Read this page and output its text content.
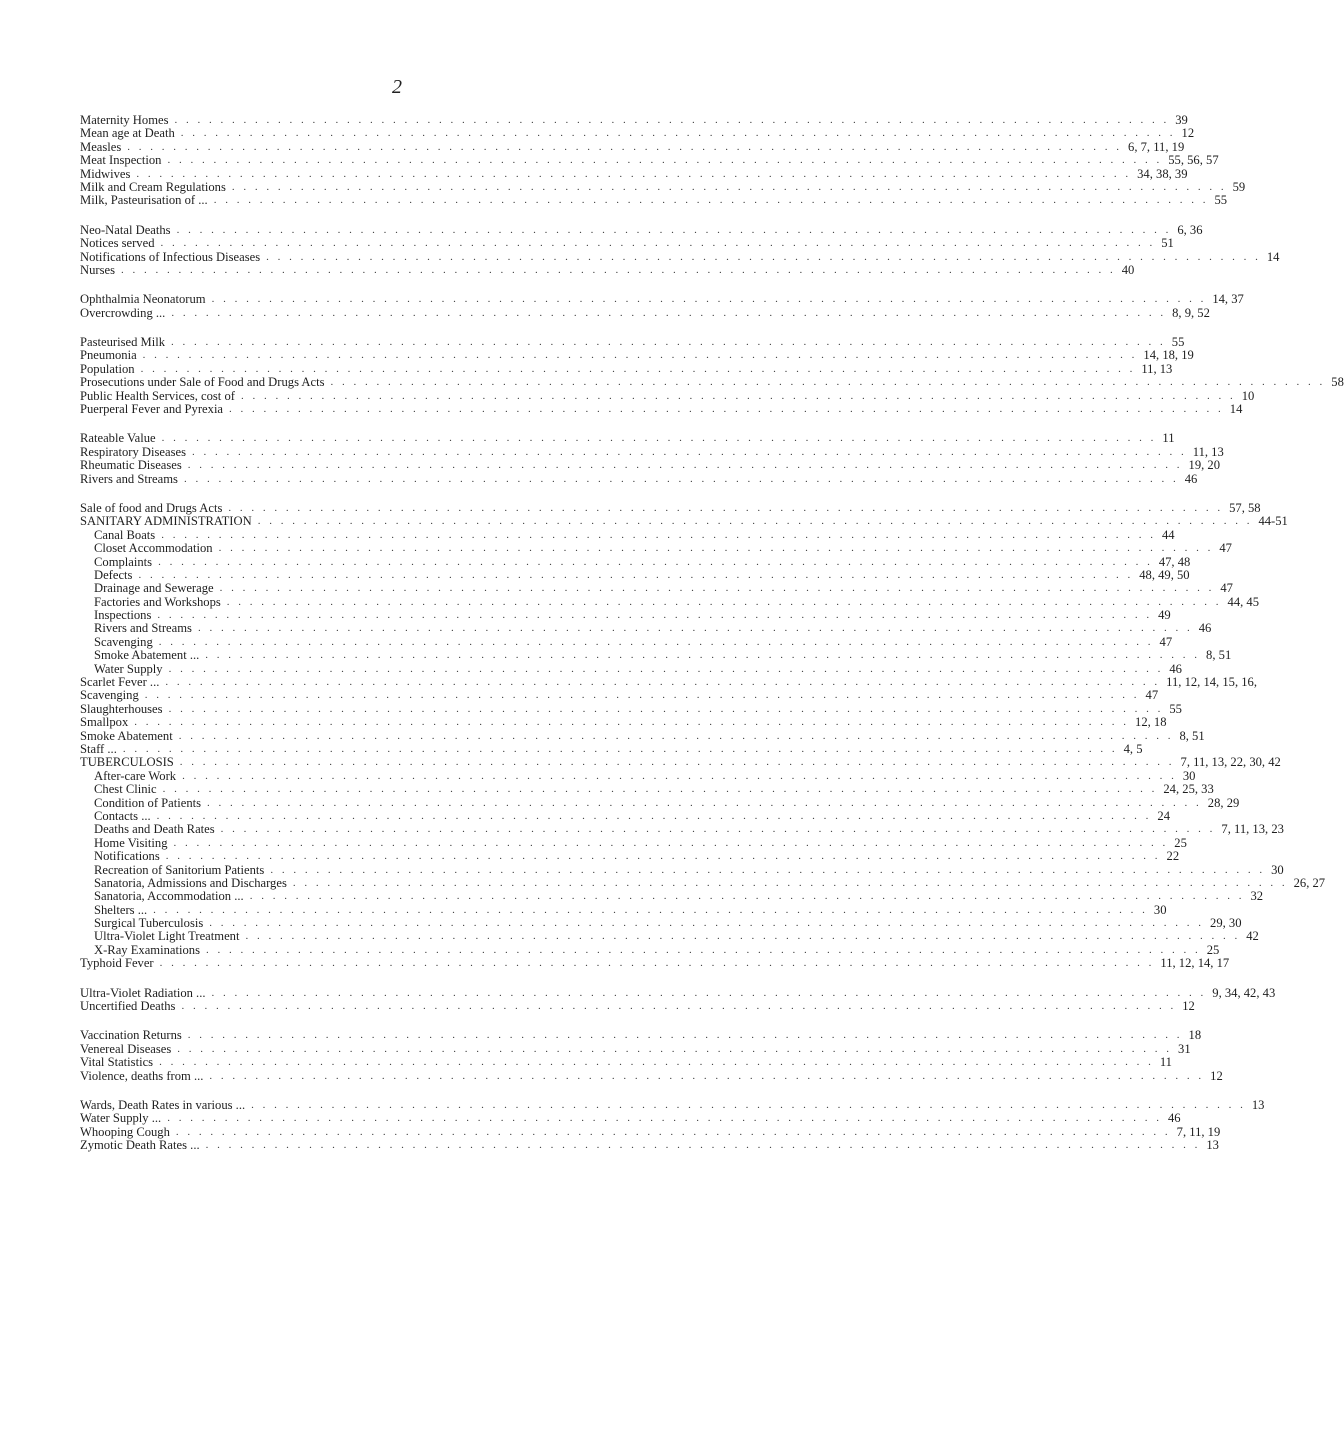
2
Maternity Homes . . . . . . . . . . . . . . . . . . . . . . . . . . . . . . . . . . . . . . . . . . . . . . . . . . . . . . . . . . . . . . . . . . . . . . . . . . . . . . . . . . . . . . . 39
Mean age at Death . . . . . . . . . . . . . . . . . . . . . . . . . . . . . . . . . . . . . . . . . . . . . . . . . . . . . . . . . . . . . . . . . . . . . . . . . . . . . . . . . . . . . . . 12
Measles . . . . . . . . . . . . . . . . . . . . . . . . . . . . . . . . . . . . . . . . . . . . . . . . . . . . . . . . . . . . . . . . . . . . . . . . . . . . . . . . . . . . . . . 6, 7, 11, 19
Meat Inspection . . . . . . . . . . . . . . . . . . . . . . . . . . . . . . . . . . . . . . . . . . . . . . . . . . . . . . . . . . . . . . . . . . . . . . . . . . . . . . . . . . . . . . . 55, 56, 57
Midwives . . . . . . . . . . . . . . . . . . . . . . . . . . . . . . . . . . . . . . . . . . . . . . . . . . . . . . . . . . . . . . . . . . . . . . . . . . . . . . . . . . . . . . . 34, 38, 39
Milk and Cream Regulations . . . . . . . . . . . . . . . . . . . . . . . . . . . . . . . . . . . . . . . . . . . . . . . . . . . . . . . . . . . . . . . . . . . . . . . . . . . . . . . . . . . . . . . 59
Milk, Pasteurisation of ... . . . . . . . . . . . . . . . . . . . . . . . . . . . . . . . . . . . . . . . . . . . . . . . . . . . . . . . . . . . . . . . . . . . . . . . . . . . . . . . . . . . . . . . 55
Neo-Natal Deaths . . . . . . . . . . . . . . . . . . . . . . . . . . . . . . . . . . . . . . . . . . . . . . . . . . . . . . . . . . . . . . . . . . . . . . . . . . . . . . . . . . . . . . . 6, 36
Notices served . . . . . . . . . . . . . . . . . . . . . . . . . . . . . . . . . . . . . . . . . . . . . . . . . . . . . . . . . . . . . . . . . . . . . . . . . . . . . . . . . . . . . . . 51
Notifications of Infectious Diseases . . . . . . . . . . . . . . . . . . . . . . . . . . . . . . . . . . . . . . . . . . . . . . . . . . . . . . . . . . . . . . . . . . . . . . . . . . . . . . . . . . . . . . . 14
Nurses . . . . . . . . . . . . . . . . . . . . . . . . . . . . . . . . . . . . . . . . . . . . . . . . . . . . . . . . . . . . . . . . . . . . . . . . . . . . . . . . . . . . . . . 40
Ophthalmia Neonatorum . . . . . . . . . . . . . . . . . . . . . . . . . . . . . . . . . . . . . . . . . . . . . . . . . . . . . . . . . . . . . . . . . . . . . . . . . . . . . . . . . . . . . . . 14, 37
Overcrowding ... . . . . . . . . . . . . . . . . . . . . . . . . . . . . . . . . . . . . . . . . . . . . . . . . . . . . . . . . . . . . . . . . . . . . . . . . . . . . . . . . . . . . . . . 8, 9, 52
Pasteurised Milk . . . . . . . . . . . . . . . . . . . . . . . . . . . . . . . . . . . . . . . . . . . . . . . . . . . . . . . . . . . . . . . . . . . . . . . . . . . . . . . . . . . . . . . 55
Pneumonia . . . . . . . . . . . . . . . . . . . . . . . . . . . . . . . . . . . . . . . . . . . . . . . . . . . . . . . . . . . . . . . . . . . . . . . . . . . . . . . . . . . . . . . 14, 18, 19
Population . . . . . . . . . . . . . . . . . . . . . . . . . . . . . . . . . . . . . . . . . . . . . . . . . . . . . . . . . . . . . . . . . . . . . . . . . . . . . . . . . . . . . . . 11, 13
Prosecutions under Sale of Food and Drugs Acts . . . . . . . . . . . . . . . . . . . . . . . . . . . . . . . . . . . . . . . . . . . . . . . . . . . . . . . . . . . . . . . . . . . . . . . . . . . . . . . . . . . . . . . 58
Public Health Services, cost of . . . . . . . . . . . . . . . . . . . . . . . . . . . . . . . . . . . . . . . . . . . . . . . . . . . . . . . . . . . . . . . . . . . . . . . . . . . . . . . . . . . . . . . 10
Puerperal Fever and Pyrexia . . . . . . . . . . . . . . . . . . . . . . . . . . . . . . . . . . . . . . . . . . . . . . . . . . . . . . . . . . . . . . . . . . . . . . . . . . . . . . . . . . . . . . . 14
Rateable Value . . . . . . . . . . . . . . . . . . . . . . . . . . . . . . . . . . . . . . . . . . . . . . . . . . . . . . . . . . . . . . . . . . . . . . . . . . . . . . . . . . . . . . . 11
Respiratory Diseases . . . . . . . . . . . . . . . . . . . . . . . . . . . . . . . . . . . . . . . . . . . . . . . . . . . . . . . . . . . . . . . . . . . . . . . . . . . . . . . . . . . . . . . 11, 13
Rheumatic Diseases . . . . . . . . . . . . . . . . . . . . . . . . . . . . . . . . . . . . . . . . . . . . . . . . . . . . . . . . . . . . . . . . . . . . . . . . . . . . . . . . . . . . . . . 19, 20
Rivers and Streams . . . . . . . . . . . . . . . . . . . . . . . . . . . . . . . . . . . . . . . . . . . . . . . . . . . . . . . . . . . . . . . . . . . . . . . . . . . . . . . . . . . . . . . 46
Sale of food and Drugs Acts . . . . . . . . . . . . . . . . . . . . . . . . . . . . . . . . . . . . . . . . . . . . . . . . . . . . . . . . . . . . . . . . . . . . . . . . . . . . . . . . . . . . . . . 57, 58
SANITARY ADMINISTRATION . . . . . . . . . . . . . . . . . . . . . . . . . . . . . . . . . . . . . . . . . . . . . . . . . . . . . . . . . . . . . . . . . . . . . . . . . . . . . . . . . . . . . . . 44-51
Canal Boats . . . . . . . . . . . . . . . . . . . . . . . . . . . . . . . . . . . . . . . . . . . . . . . . . . . . . . . . . . . . . . . . . . . . . . . . . . . . . . . . . . . . . . . 44
Closet Accommodation . . . . . . . . . . . . . . . . . . . . . . . . . . . . . . . . . . . . . . . . . . . . . . . . . . . . . . . . . . . . . . . . . . . . . . . . . . . . . . . . . . . . . . . 47
Complaints . . . . . . . . . . . . . . . . . . . . . . . . . . . . . . . . . . . . . . . . . . . . . . . . . . . . . . . . . . . . . . . . . . . . . . . . . . . . . . . . . . . . . . . 47, 48
Defects . . . . . . . . . . . . . . . . . . . . . . . . . . . . . . . . . . . . . . . . . . . . . . . . . . . . . . . . . . . . . . . . . . . . . . . . . . . . . . . . . . . . . . . 48, 49, 50
Drainage and Sewerage . . . . . . . . . . . . . . . . . . . . . . . . . . . . . . . . . . . . . . . . . . . . . . . . . . . . . . . . . . . . . . . . . . . . . . . . . . . . . . . . . . . . . . . 47
Factories and Workshops . . . . . . . . . . . . . . . . . . . . . . . . . . . . . . . . . . . . . . . . . . . . . . . . . . . . . . . . . . . . . . . . . . . . . . . . . . . . . . . . . . . . . . . 44, 45
Inspections . . . . . . . . . . . . . . . . . . . . . . . . . . . . . . . . . . . . . . . . . . . . . . . . . . . . . . . . . . . . . . . . . . . . . . . . . . . . . . . . . . . . . . . 49
Rivers and Streams . . . . . . . . . . . . . . . . . . . . . . . . . . . . . . . . . . . . . . . . . . . . . . . . . . . . . . . . . . . . . . . . . . . . . . . . . . . . . . . . . . . . . . . 46
Scavenging . . . . . . . . . . . . . . . . . . . . . . . . . . . . . . . . . . . . . . . . . . . . . . . . . . . . . . . . . . . . . . . . . . . . . . . . . . . . . . . . . . . . . . . 47
Smoke Abatement ... . . . . . . . . . . . . . . . . . . . . . . . . . . . . . . . . . . . . . . . . . . . . . . . . . . . . . . . . . . . . . . . . . . . . . . . . . . . . . . . . . . . . . . . 8, 51
Water Supply . . . . . . . . . . . . . . . . . . . . . . . . . . . . . . . . . . . . . . . . . . . . . . . . . . . . . . . . . . . . . . . . . . . . . . . . . . . . . . . . . . . . . . . 46
Scarlet Fever ... . . . . . . . . . . . . . . . . . . . . . . . . . . . . . . . . . . . . . . . . . . . . . . . . . . . . . . . . . . . . . . . . . . . . . . . . . . . . . . . . . . . . . . . 11, 12, 14, 15, 16,
Scavenging . . . . . . . . . . . . . . . . . . . . . . . . . . . . . . . . . . . . . . . . . . . . . . . . . . . . . . . . . . . . . . . . . . . . . . . . . . . . . . . . . . . . . . . 47
Slaughterhouses . . . . . . . . . . . . . . . . . . . . . . . . . . . . . . . . . . . . . . . . . . . . . . . . . . . . . . . . . . . . . . . . . . . . . . . . . . . . . . . . . . . . . . . 55
Smallpox . . . . . . . . . . . . . . . . . . . . . . . . . . . . . . . . . . . . . . . . . . . . . . . . . . . . . . . . . . . . . . . . . . . . . . . . . . . . . . . . . . . . . . . 12, 18
Smoke Abatement . . . . . . . . . . . . . . . . . . . . . . . . . . . . . . . . . . . . . . . . . . . . . . . . . . . . . . . . . . . . . . . . . . . . . . . . . . . . . . . . . . . . . . . 8, 51
Staff ... . . . . . . . . . . . . . . . . . . . . . . . . . . . . . . . . . . . . . . . . . . . . . . . . . . . . . . . . . . . . . . . . . . . . . . . . . . . . . . . . . . . . . . . 4, 5
TUBERCULOSIS . . . . . . . . . . . . . . . . . . . . . . . . . . . . . . . . . . . . . . . . . . . . . . . . . . . . . . . . . . . . . . . . . . . . . . . . . . . . . . . . . . . . . . . 7, 11, 13, 22, 30, 42
After-care Work . . . . . . . . . . . . . . . . . . . . . . . . . . . . . . . . . . . . . . . . . . . . . . . . . . . . . . . . . . . . . . . . . . . . . . . . . . . . . . . . . . . . . . . 30
Chest Clinic . . . . . . . . . . . . . . . . . . . . . . . . . . . . . . . . . . . . . . . . . . . . . . . . . . . . . . . . . . . . . . . . . . . . . . . . . . . . . . . . . . . . . . . 24, 25, 33
Condition of Patients . . . . . . . . . . . . . . . . . . . . . . . . . . . . . . . . . . . . . . . . . . . . . . . . . . . . . . . . . . . . . . . . . . . . . . . . . . . . . . . . . . . . . . . 28, 29
Contacts ... . . . . . . . . . . . . . . . . . . . . . . . . . . . . . . . . . . . . . . . . . . . . . . . . . . . . . . . . . . . . . . . . . . . . . . . . . . . . . . . . . . . . . . . 24
Deaths and Death Rates . . . . . . . . . . . . . . . . . . . . . . . . . . . . . . . . . . . . . . . . . . . . . . . . . . . . . . . . . . . . . . . . . . . . . . . . . . . . . . . . . . . . . . . 7, 11, 13, 23
Home Visiting . . . . . . . . . . . . . . . . . . . . . . . . . . . . . . . . . . . . . . . . . . . . . . . . . . . . . . . . . . . . . . . . . . . . . . . . . . . . . . . . . . . . . . . 25
Notifications . . . . . . . . . . . . . . . . . . . . . . . . . . . . . . . . . . . . . . . . . . . . . . . . . . . . . . . . . . . . . . . . . . . . . . . . . . . . . . . . . . . . . . . 22
Recreation of Sanitorium Patients . . . . . . . . . . . . . . . . . . . . . . . . . . . . . . . . . . . . . . . . . . . . . . . . . . . . . . . . . . . . . . . . . . . . . . . . . . . . . . . . . . . . . . . 30
Sanatoria, Admissions and Discharges . . . . . . . . . . . . . . . . . . . . . . . . . . . . . . . . . . . . . . . . . . . . . . . . . . . . . . . . . . . . . . . . . . . . . . . . . . . . . . . . . . . . . . . 26, 27
Sanatoria, Accommodation ... . . . . . . . . . . . . . . . . . . . . . . . . . . . . . . . . . . . . . . . . . . . . . . . . . . . . . . . . . . . . . . . . . . . . . . . . . . . . . . . . . . . . . . . 32
Shelters ... . . . . . . . . . . . . . . . . . . . . . . . . . . . . . . . . . . . . . . . . . . . . . . . . . . . . . . . . . . . . . . . . . . . . . . . . . . . . . . . . . . . . . . . 30
Surgical Tuberculosis . . . . . . . . . . . . . . . . . . . . . . . . . . . . . . . . . . . . . . . . . . . . . . . . . . . . . . . . . . . . . . . . . . . . . . . . . . . . . . . . . . . . . . . 29, 30
Ultra-Violet Light Treatment . . . . . . . . . . . . . . . . . . . . . . . . . . . . . . . . . . . . . . . . . . . . . . . . . . . . . . . . . . . . . . . . . . . . . . . . . . . . . . . . . . . . . . . 42
X-Ray Examinations . . . . . . . . . . . . . . . . . . . . . . . . . . . . . . . . . . . . . . . . . . . . . . . . . . . . . . . . . . . . . . . . . . . . . . . . . . . . . . . . . . . . . . . 25
Typhoid Fever . . . . . . . . . . . . . . . . . . . . . . . . . . . . . . . . . . . . . . . . . . . . . . . . . . . . . . . . . . . . . . . . . . . . . . . . . . . . . . . . . . . . . . . 11, 12, 14, 17
Ultra-Violet Radiation ... . . . . . . . . . . . . . . . . . . . . . . . . . . . . . . . . . . . . . . . . . . . . . . . . . . . . . . . . . . . . . . . . . . . . . . . . . . . . . . . . . . . . . . . 9, 34, 42, 43
Uncertified Deaths . . . . . . . . . . . . . . . . . . . . . . . . . . . . . . . . . . . . . . . . . . . . . . . . . . . . . . . . . . . . . . . . . . . . . . . . . . . . . . . . . . . . . . . 12
Vaccination Returns . . . . . . . . . . . . . . . . . . . . . . . . . . . . . . . . . . . . . . . . . . . . . . . . . . . . . . . . . . . . . . . . . . . . . . . . . . . . . . . . . . . . . . . 18
Venereal Diseases . . . . . . . . . . . . . . . . . . . . . . . . . . . . . . . . . . . . . . . . . . . . . . . . . . . . . . . . . . . . . . . . . . . . . . . . . . . . . . . . . . . . . . . 31
Vital Statistics . . . . . . . . . . . . . . . . . . . . . . . . . . . . . . . . . . . . . . . . . . . . . . . . . . . . . . . . . . . . . . . . . . . . . . . . . . . . . . . . . . . . . . . 11
Violence, deaths from ... . . . . . . . . . . . . . . . . . . . . . . . . . . . . . . . . . . . . . . . . . . . . . . . . . . . . . . . . . . . . . . . . . . . . . . . . . . . . . . . . . . . . . . . 12
Wards, Death Rates in various ... . . . . . . . . . . . . . . . . . . . . . . . . . . . . . . . . . . . . . . . . . . . . . . . . . . . . . . . . . . . . . . . . . . . . . . . . . . . . . . . . . . . . . . . 13
Water Supply ... . . . . . . . . . . . . . . . . . . . . . . . . . . . . . . . . . . . . . . . . . . . . . . . . . . . . . . . . . . . . . . . . . . . . . . . . . . . . . . . . . . . . . . . 46
Whooping Cough . . . . . . . . . . . . . . . . . . . . . . . . . . . . . . . . . . . . . . . . . . . . . . . . . . . . . . . . . . . . . . . . . . . . . . . . . . . . . . . . . . . . . . . 7, 11, 19
Zymotic Death Rates ... . . . . . . . . . . . . . . . . . . . . . . . . . . . . . . . . . . . . . . . . . . . . . . . . . . . . . . . . . . . . . . . . . . . . . . . . . . . . . . . . . . . . . . . 13
